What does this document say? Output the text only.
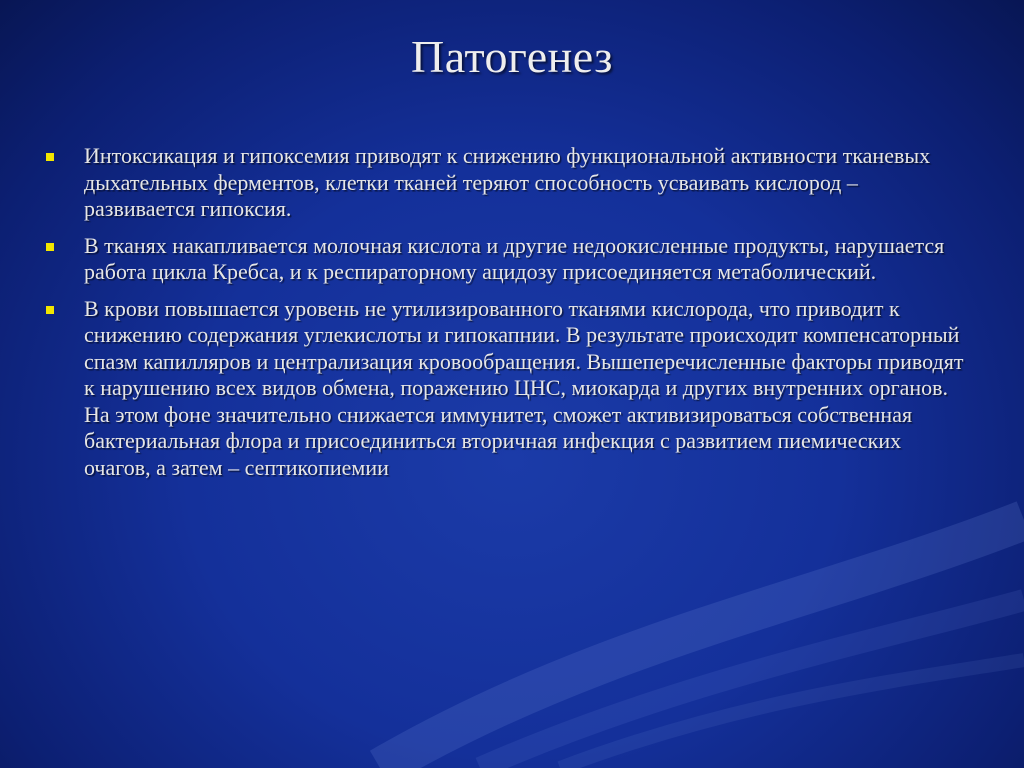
Патогенез
Интоксикация и гипоксемия приводят к снижению функциональной активности тканевых дыхательных ферментов, клетки тканей теряют способность усваивать кислород – развивается гипоксия.
В тканях накапливается молочная кислота и другие недоокисленные продукты, нарушается работа цикла Кребса, и к респираторному ацидозу присоединяется метаболический.
В крови повышается уровень не утилизированного тканями кислорода, что приводит к снижению содержания углекислоты и гипокапнии. В результате происходит компенсаторный спазм капилляров и централизация кровообращения. Вышеперечисленные факторы приводят к нарушению всех видов обмена, поражению ЦНС, миокарда и других внутренних органов. На этом фоне значительно снижается иммунитет, сможет активизироваться собственная бактериальная флора и присоединиться вторичная инфекция с развитием пиемических очагов, а затем – септикопиемии
